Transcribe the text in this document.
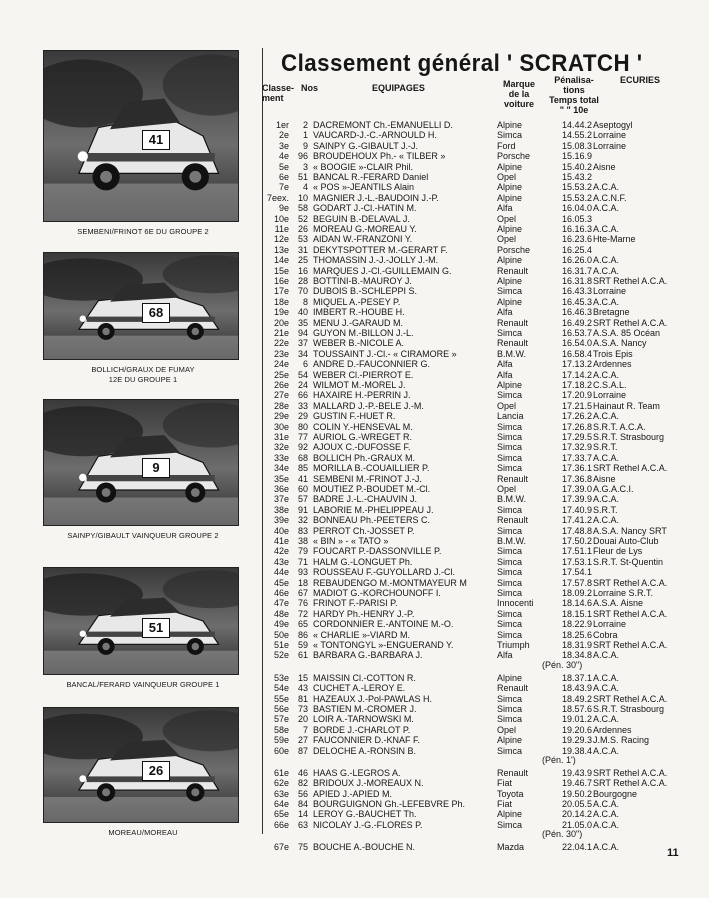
41
SEMBENI/FRINOT 6E DU GROUPE 2
68
BOLLICH/GRAUX DE FUMAY
12E DU GROUPE 1
9
SAINPY/GIBAULT VAINQUEUR GROUPE 2
51
BANCAL/FERARD VAINQUEUR GROUPE 1
26
MOREAU/MOREAU
Classement général ' SCRATCH '
Classe-
ment
Nos	EQUIPAGES	Marque
de la
voiture
Pénalisa-
tions
Temps total
" " 10e
ECURIES
1er	2 DACREMONT Ch.-EMANUELLI D.	Alpine	14.44.2 Aseptogyl
2e	1 VAUCARD-J.-C.-ARNOULD H.	Simca	14.55.2 Lorraine
3e	9 SAINPY G.-GIBAULT J.-J.	Ford	15.08.3 Lorraine
4e 96 BROUDEHOUX Ph.- « TILBER »	Porsche	15.16.9
5e	3 « BOOGIE »-CLAIR Phil.	Alpine	15.40.2 Aisne
6e 51 BANCAL R.-FERARD Daniel	Opel	15.43.2
7e	4 « POS »-JEANTILS Alain	Alpine	15.53.2 A.C.A.
7eex. 10 MAGNIER J.-L.-BAUDOIN J.-P.	Alpine	15.53.2 A.C.N.F.
9e 58 GODART J.-Cl.-HATIN M.	Alfa	16.04.0 A.C.A.
10e 52 BEGUIN B.-DELAVAL J.	Opel	16.05.3
11e 26 MOREAU G.-MOREAU Y.	Alpine	16.16.3 A.C.A.
12e 53 AIDAN W.-FRANZONI Y.	Opel	16.23.6 Hte-Marne
13e 31 DEKYTSPOTTER M.-GERART F.	Porsche	16.25.4
14e 25 THOMASSIN J.-J.-JOLLY J.-M.	Alpine	16.26.0 A.C.A.
15e 16 MARQUES J.-Cl.-GUILLEMAIN G.	Renault	16.31.7 A.C.A.
16e 28 BOTTINI-B.-MAUROY J.	Alpine	16.31.8 SRT Rethel A.C.A.
17e 70 DUBOIS B.-SCHLEPPI S.	Simca	16.43.3 Lorraine
18e	8 MIQUEL A.-PESEY P.	Alpine	16.45.3 A.C.A.
19e 40 IMBERT R.-HOUBE H.	Alfa	16.46.3 Bretagne
20e 35 MENU J.-GARAUD M.	Renault	16.49.2 SRT Rethel A.C.A.
21e 94 GUYON M.-BILLON J.-L.	Simca	16.53.7 A.S.A. 85 Océan
22e 37 WEBER B.-NICOLE A.	Renault	16.54.0 A.S.A. Nancy
23e 34 TOUSSAINT J.-Cl.- « CIRAMORE »	B.M.W.	16.58.4 Trois Epis
24e	6 ANDRE D.-FAUCONNIER G.	Alfa	17.13.2 Ardennes
25e 54 WEBER Cl.-PIERROT E.	Alfa	17.14.2 A.C.A.
26e 24 WILMOT M.-MOREL J.	Alpine	17.18.2 C.S.A.L.
27e 66 HAXAIRE H.-PERRIN J.	Simca	17.20.9 Lorraine
28e 33 MALLARD J.-P.-BELE J.-M.	Opel	17.21.5 Hainaut R. Team
29e 29 GUSTIN F.-HUET R.	Lancia	17.26.2 A.C.A.
30e 80 COLIN Y.-HENSEVAL M.	Simca	17.26.8 S.R.T. A.C.A.
31e 77 AURIOL G.-WREGET R.	Simca	17.29.5 S.R.T. Strasbourg
32e 92 AJOUX C.-DUFOSSE F.	Simca	17.32.9 S.R.T.
33e 68 BOLLICH Ph.-GRAUX M.	Simca	17.33.7 A.C.A.
34e 85 MORILLA B.-COUAILLIER P.	Simca	17.36.1 SRT Rethel A.C.A.
35e 41 SEMBENI M.-FRINOT J.-J.	Renault	17.36.8 Aisne
36e 60 MOUTIEZ P.-BOUDET M.-Cl.	Opel	17.39.0 A.G.A.C.I.
37e 57 BADRE J.-L.-CHAUVIN J.	B.M.W.	17.39.9 A.C.A.
38e 91 LABORIE M.-PHELIPPEAU J.	Simca	17.40.9 S.R.T.
39e 32 BONNEAU Ph.-PEETERS C.	Renault	17.41.2 A.C.A.
40e 83 PERROT Ch.-JOSSET P.	Simca	17.48.8 A.S.A. Nancy SRT
41e 38 « BIN » - « TATO »	B.M.W.	17.50.2 Douai Auto-Club
42e 79 FOUCART P.-DASSONVILLE P.	Simca	17.51.1 Fleur de Lys
43e 71 HALM G.-LONGUET Ph.	Simca	17.53.1 S.R.T. St-Quentin
44e 93 ROUSSEAU F.-GUYOLLARD J.-Cl.	Simca	17.54.1
45e 18 REBAUDENGO M.-MONTMAYEUR M	Simca	17.57.8 SRT Rethel A.C.A.
46e 67 MADIOT G.-KORCHOUNOFF I.	Simca	18.09.2 Lorraine S.R.T.
47e 76 FRINOT F.-PARISI P.	Innocenti	18.14.6 A.S.A. Aisne
48e 72 HARDY Ph.-HENRY J.-P.	Simca	18.15.1 SRT Rethel A.C.A.
49e 65 CORDONNIER E.-ANTOINE M.-O.	Simca	18.22.9 Lorraine
50e 86 « CHARLIE »-VIARD M.	Simca	18.25.6 Cobra
51e 59 « TONTONGYL »-ENGUERAND Y.	Triumph	18.31.9 SRT Rethel A.C.A.
52e 61 BARBARA G.-BARBARA J.	Alfa	18.34.8 A.C.A.
(Pén. 30")
53e 15 MAISSIN Cl.-COTTON R.	Alpine	18.37.1 A.C.A.
54e 43 CUCHET A.-LEROY E.	Renault	18.43.9 A.C.A.
55e 81 HAZEAUX J.-Pol-PAWLAS H.	Simca	18.49.2 SRT Rethel A.C.A.
56e 73 BASTIEN M.-CROMER J.	Simca	18.57.6 S.R.T. Strasbourg
57e 20 LOIR A.-TARNOWSKI M.	Simca	19.01.2 A.C.A.
58e	7 BORDE J.-CHARLOT P.	Opel	19.20.6 Ardennes
59e 27 FAUCONNIER D.-KNAF F.	Alpine	19.29.3 J.M.S. Racing
60e 87 DELOCHE A.-RONSIN B.	Simca	19.38.4 A.C.A.
(Pén. 1')
61e 46 HAAS G.-LEGROS A.	Renault	19.43.9 SRT Rethel A.C.A.
62e 82 BRIDOUX J.-MOREAUX N.	Fiat	19.46.7 SRT Rethel A.C.A.
63e 56 APIED J.-APIED M.	Toyota	19.50.2 Bourgogne
64e 84 BOURGUIGNON Gh.-LEFEBVRE Ph.	Fiat	20.05.5 A.C.A.
65e 14 LEROY G.-BAUCHET Th.	Alpine	20.14.2 A.C.A.
66e 63 NICOLAY J.-G.-FLORES P.	Simca	21.05.0 A.C.A.
(Pén. 30")
67e 75 BOUCHE A.-BOUCHE N.	Mazda	22.04.1 A.C.A.	11
